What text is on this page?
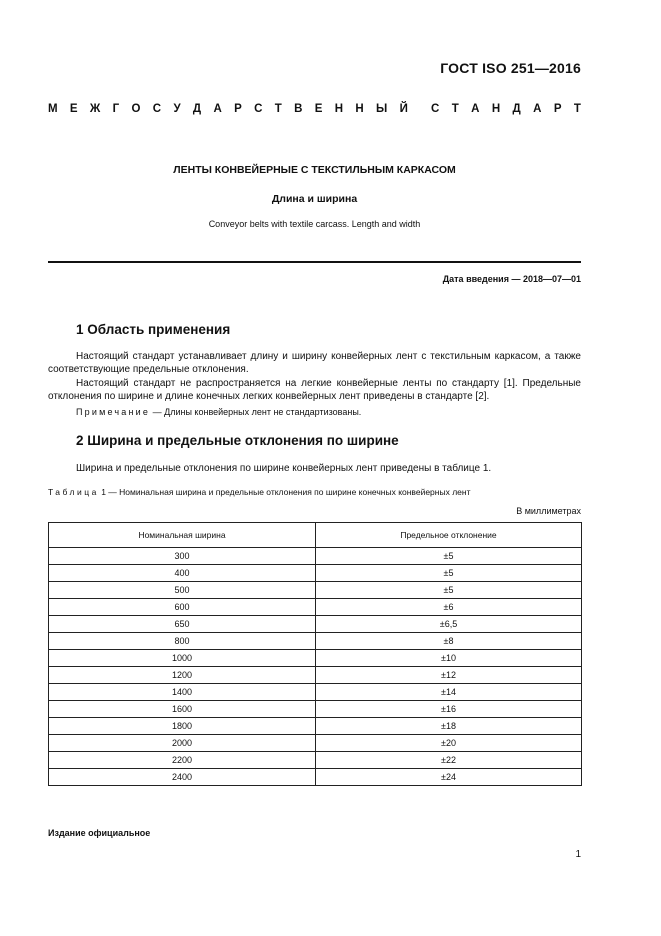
ГОСТ ISO 251—2016
М Е Ж Г О С У Д А Р С Т В Е Н Н Ы Й С Т А Н Д А Р Т
ЛЕНТЫ КОНВЕЙЕРНЫЕ С ТЕКСТИЛЬНЫМ КАРКАСОМ
Длина и ширина
Conveyor belts with textile carcass. Length and width
Дата введения — 2018—07—01
1 Область применения
Настоящий стандарт устанавливает длину и ширину конвейерных лент с текстильным каркасом, а также соответствующие предельные отклонения.
Настоящий стандарт не распространяется на легкие конвейерные ленты по стандарту [1]. Предельные отклонения по ширине и длине конечных легких конвейерных лент приведены в стандарте [2].
Примечание — Длины конвейерных лент не стандартизованы.
2 Ширина и предельные отклонения по ширине
Ширина и предельные отклонения по ширине конвейерных лент приведены в таблице 1.
Таблица 1 — Номинальная ширина и предельные отклонения по ширине конечных конвейерных лент
В миллиметрах
Номинальная ширина	Предельное отклонение
300	±5
400	±5
500	±5
600	±6
650	±6,5
800	±8
1000	±10
1200	±12
1400	±14
1600	±16
1800	±18
2000	±20
2200	±22
2400	±24
Издание официальное
1
